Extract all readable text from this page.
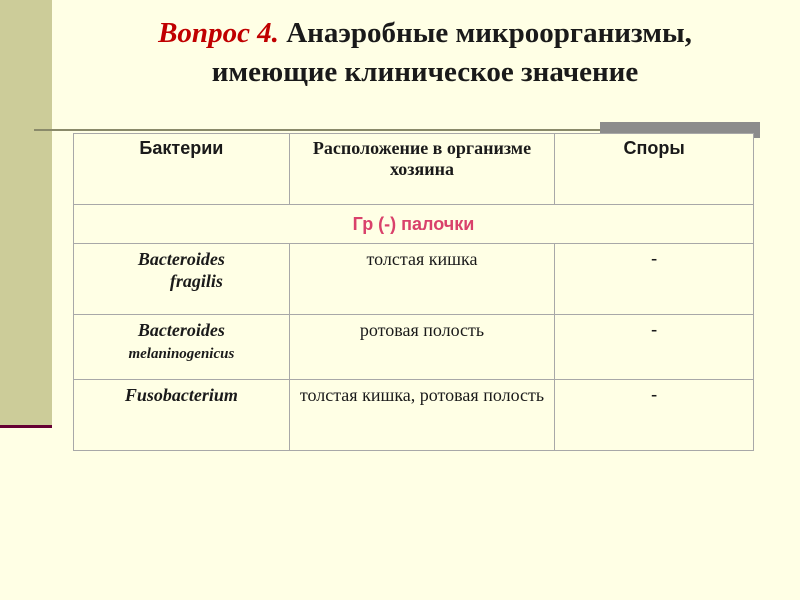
Вопрос 4. Анаэробные микроорганизмы,
имеющие клиническое значение
Бактерии	Расположение в организме хозяина	Споры
Гр (-) палочки		
Bacteroides
fragilis	толстая кишка	-
Bacteroides
melaninogenicus	ротовая полость	-
Fusobacterium	толстая кишка, ротовая полость	-
